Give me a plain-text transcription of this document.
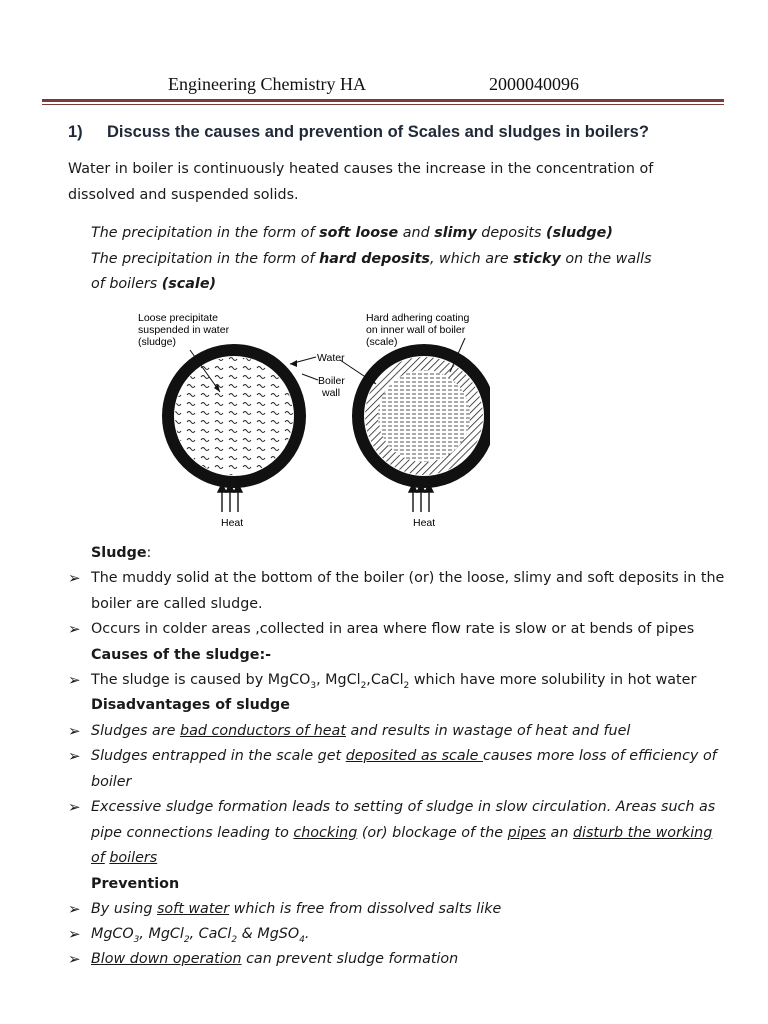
Engineering Chemistry HA	2000040096
1) Discuss the causes and prevention of Scales and sludges in boilers?
Water in boiler is continuously heated causes the increase in the concentration of
dissolved and suspended solids.
The precipitation in the form of soft loose and slimy deposits (sludge)
The precipitation in the form of hard deposits, which are sticky on the walls
of boilers (scale)
Loose precipitate
suspended in water
(sludge)
Hard adhering coating
on inner wall of boiler
(scale)
Water
Boiler
wall
Heat	Heat
Sludge:
➢ The muddy solid at the bottom of the boiler (or) the loose, slimy and soft deposits in the
boiler are called sludge.
➢ Occurs in colder areas ,collected in area where flow rate is slow or at bends of pipes
Causes of the sludge:-
➢ The sludge is caused by MgCO$_3$, MgCl$_2$,CaCl$_2$ which have more solubility in hot water
Disadvantages of sludge
➢ Sludges are bad conductors of heat and results in wastage of heat and fuel
➢ Sludges entrapped in the scale get deposited as scale causes more loss of efficiency of
boiler
➢ Excessive sludge formation leads to setting of sludge in slow circulation. Areas such as
pipe connections leading to chocking (or) blockage of the pipes an disturb the working
of boilers
Prevention
➢ By using soft water which is free from dissolved salts like
➢ MgCO$_3$, MgCl$_2$, CaCl$_2$ & MgSO$_4$.
➢ Blow down operation can prevent sludge formation
